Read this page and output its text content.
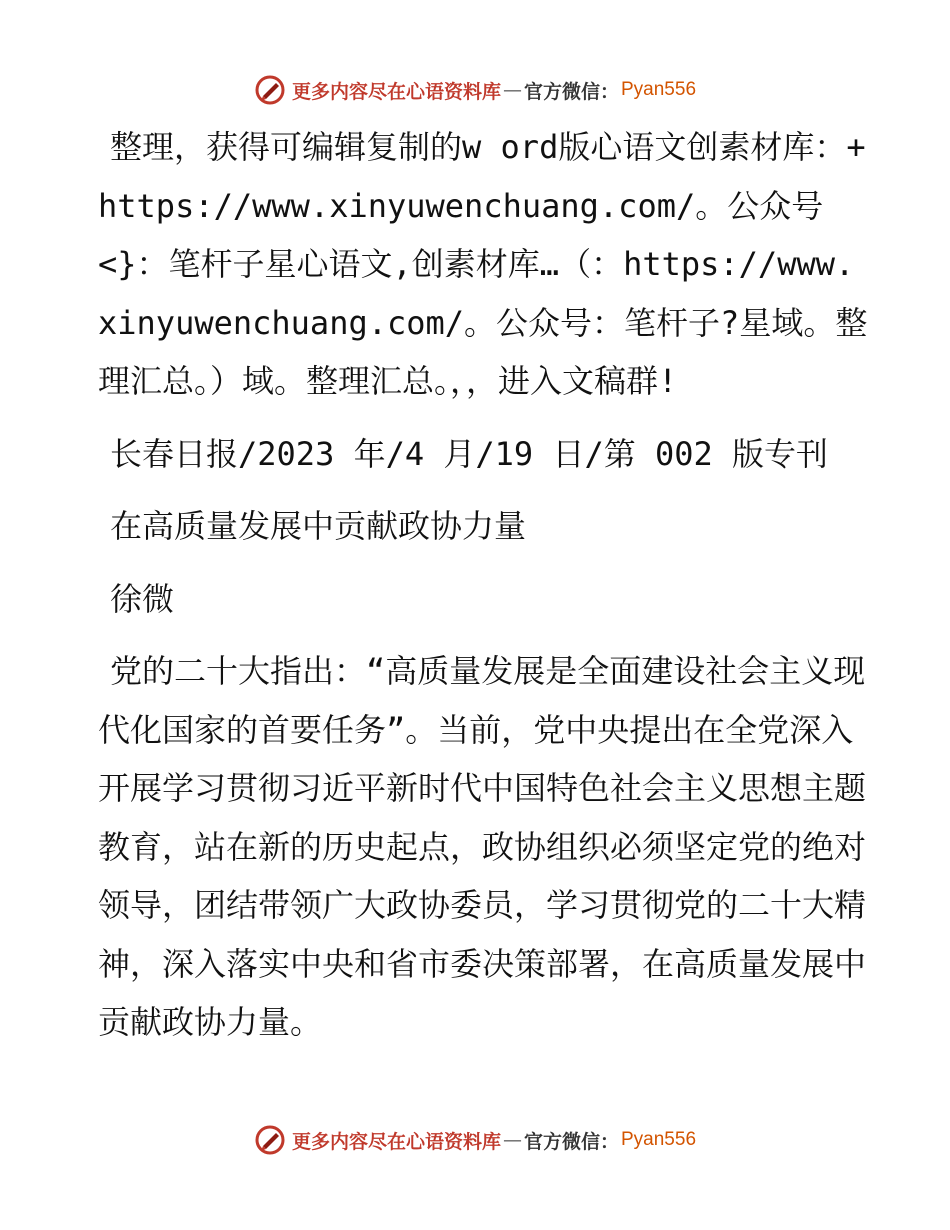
更多内容尽在心语资料库 — 官方微信： Pyan556

整理，获得可编辑复制的w ord版心语文创素材库：+https://www.xinyuwenchuang.com/。公众号<}：笔杆子星心语文,创素材库…（：https://www.xinyuwenchuang.com/。公众号：笔杆子?星域。整理汇总。）域。整理汇总。，，进入文稿群!

长春日报/2023 年/4 月/19 日/第 002 版专刊

在高质量发展中贡献政协力量

徐微

党的二十大指出：“高质量发展是全面建设社会主义现代化国家的首要任务”。当前，党中央提出在全党深入开展学习贯彻习近平新时代中国特色社会主义思想主题教育，站在新的历史起点，政协组织必须坚定党的绝对领导，团结带领广大政协委员，学习贯彻党的二十大精神，深入落实中央和省市委决策部署，在高质量发展中贡献政协力量。

更多内容尽在心语资料库 — 官方微信： Pyan556
